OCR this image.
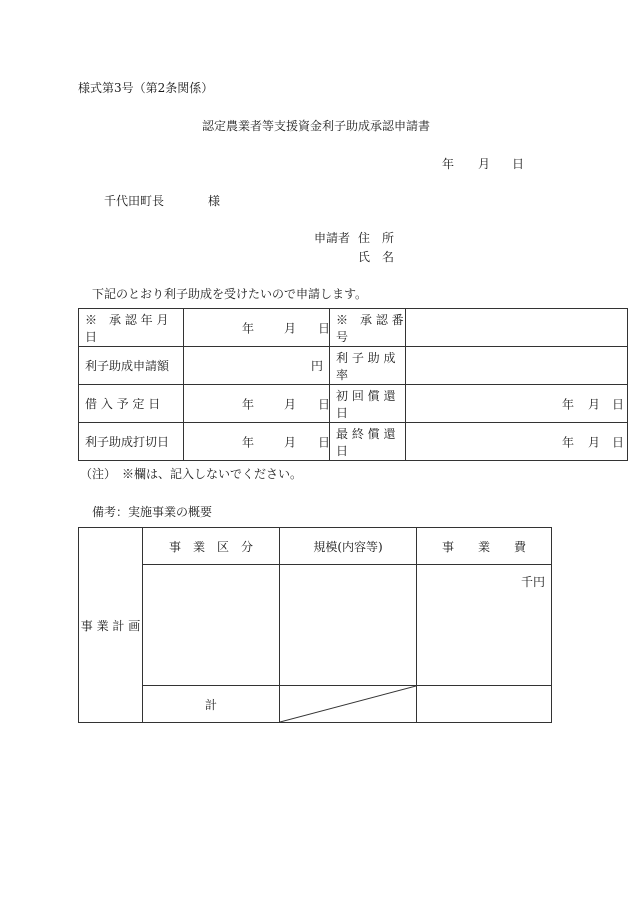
様式第3号（第2条関係）
認定農業者等支援資金利子助成承認申請書
年 月 日
千代田町長	様
申請者 住　所
氏　名
下記のとおり利子助成を受けたいので申請します。
※　承 認 年 月 日	年 月 日	※　承 認 番 号	
利子助成申請額	円	利 子 助 成 率	
借 入 予 定 日	年 月 日	初 回 償 還 日	年 月 日

利子助成打切日	年 月 日	最 終 償 還 日	年 月 日
（注）　※欄は、記入しないでください。
備考：実施事業の概要
事 業 計 画	事　業　区　分	規模(内容等)	事　　業　　費
			千円
	計	
